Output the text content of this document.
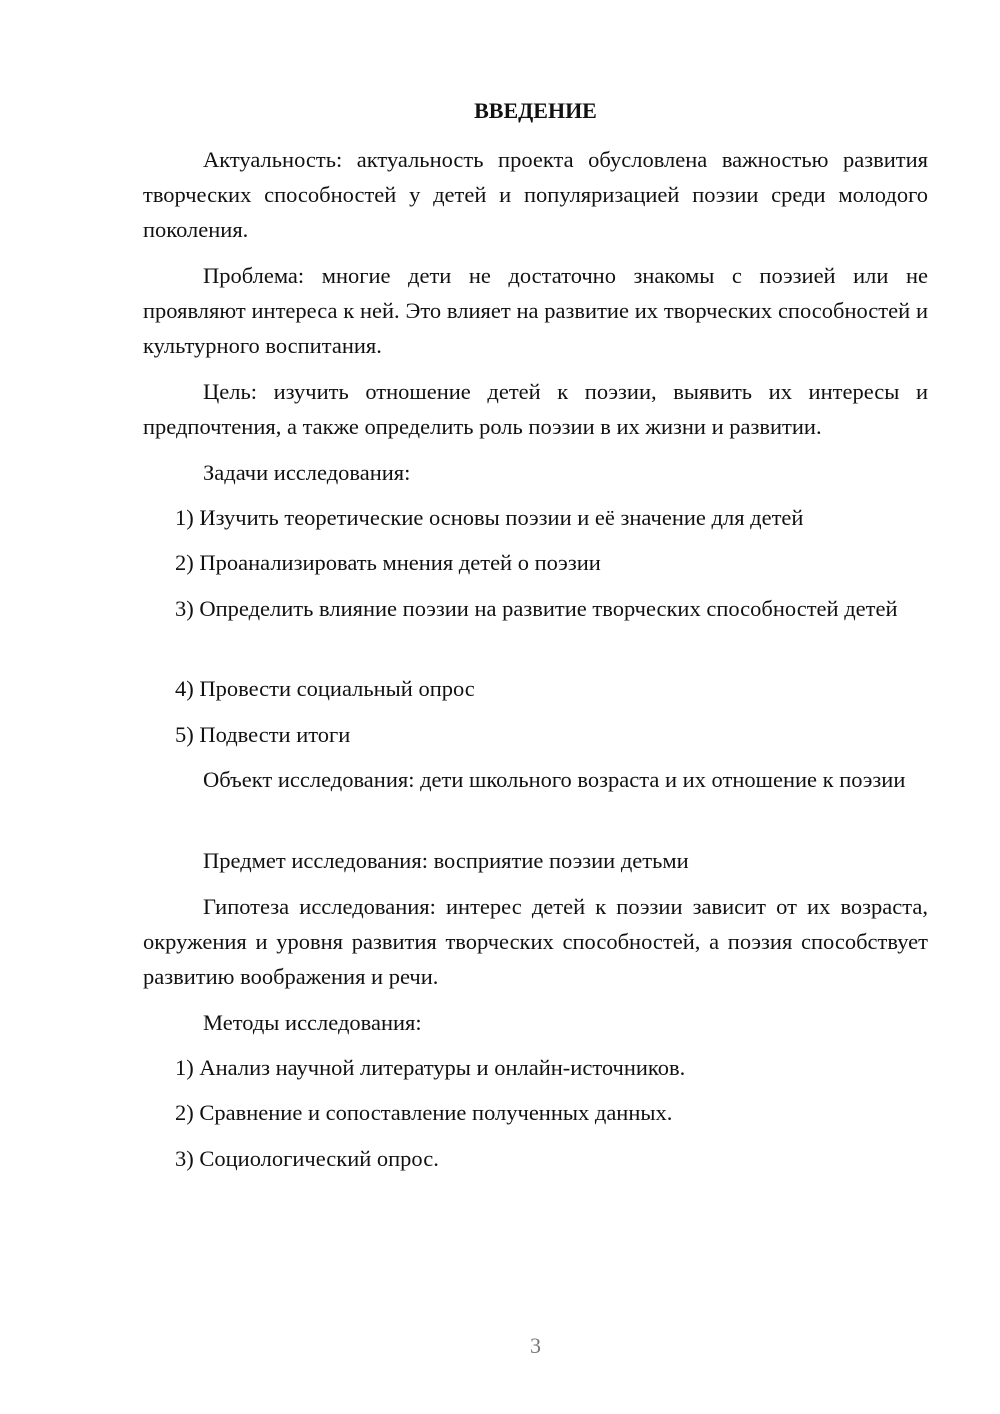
ВВЕДЕНИЕ

Актуальность: актуальность проекта обусловлена важностью развития творческих способностей у детей и популяризацией поэзии среди молодого поколения.

Проблема: многие дети не достаточно знакомы с поэзией или не проявляют интереса к ней. Это влияет на развитие их творческих способностей и культурного воспитания.

Цель: изучить отношение детей к поэзии, выявить их интересы и предпочтения, а также определить роль поэзии в их жизни и развитии.

Задачи исследования:

1) Изучить теоретические основы поэзии и её значение для детей

2) Проанализировать мнения детей о поэзии

3) Определить влияние поэзии на развитие творческих способностей детей

4) Провести социальный опрос

5) Подвести итоги

Объект исследования: дети школьного возраста и их отношение к поэзии

Предмет исследования: восприятие поэзии детьми

Гипотеза исследования: интерес детей к поэзии зависит от их возраста, окружения и уровня развития творческих способностей, а поэзия способствует развитию воображения и речи.

Методы исследования:

1) Анализ научной литературы и онлайн-источников.

2) Сравнение и сопоставление полученных данных.

3) Социологический опрос.

3
